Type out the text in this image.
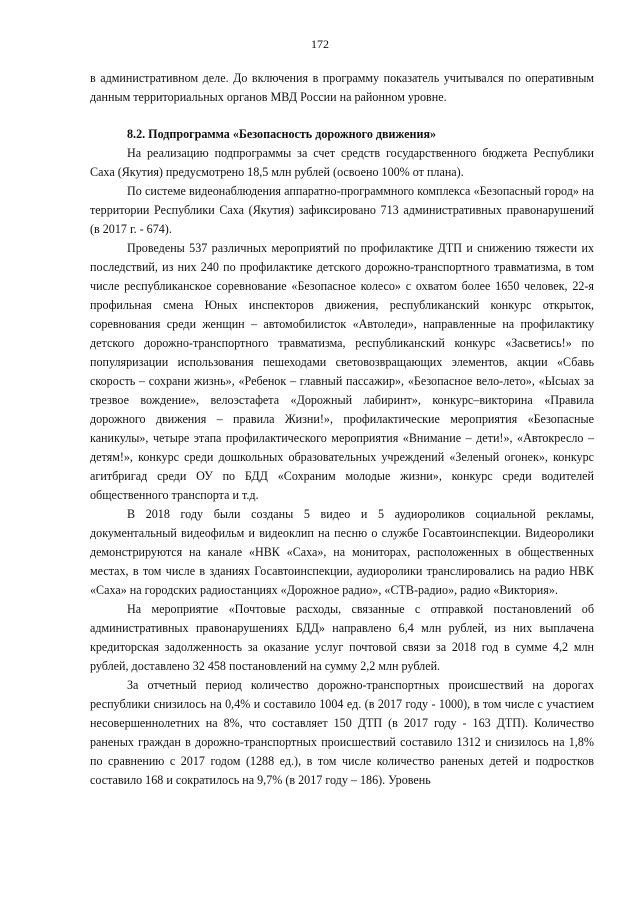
172

в административном деле. До включения в программу показатель учитывался по оперативным данным территориальных органов МВД России на районном уровне.

8.2. Подпрограмма «Безопасность дорожного движения»

На реализацию подпрограммы за счет средств государственного бюджета Республики Саха (Якутия) предусмотрено 18,5 млн рублей (освоено 100% от плана).

По системе видеонаблюдения аппаратно-программного комплекса «Безопасный город» на территории Республики Саха (Якутия) зафиксировано 713 административных правонарушений (в 2017 г. - 674).

Проведены 537 различных мероприятий по профилактике ДТП и снижению тяжести их последствий, из них 240 по профилактике детского дорожно-транспортного травматизма, в том числе республиканское соревнование «Безопасное колесо» с охватом более 1650 человек, 22-я профильная смена Юных инспекторов движения, республиканский конкурс открыток, соревнования среди женщин – автомобилисток «Автоледи», направленные на профилактику детского дорожно-транспортного травматизма, республиканский конкурс «Засветись!» по популяризации использования пешеходами световозвращающих элементов, акции «Сбавь скорость – сохрани жизнь», «Ребенок – главный пассажир», «Безопасное вело-лето», «Ысыах за трезвое вождение», велоэстафета «Дорожный лабиринт», конкурс–викторина «Правила дорожного движения – правила Жизни!», профилактические мероприятия «Безопасные каникулы», четыре этапа профилактического мероприятия «Внимание – дети!», «Автокресло – детям!», конкурс среди дошкольных образовательных учреждений «Зеленый огонек», конкурс агитбригад среди ОУ по БДД «Сохраним молодые жизни», конкурс среди водителей общественного транспорта и т.д.

В 2018 году были созданы 5 видео и 5 аудиороликов социальной рекламы, документальный видеофильм и видеоклип на песню о службе Госавтоинспекции. Видеоролики демонстрируются на канале «НВК «Саха», на мониторах, расположенных в общественных местах, в том числе в зданиях Госавтоинспекции, аудиоролики транслировались на радио НВК «Саха» на городских радиостанциях «Дорожное радио», «СТВ-радио», радио «Виктория».

На мероприятие «Почтовые расходы, связанные с отправкой постановлений об административных правонарушениях БДД» направлено 6,4 млн рублей, из них выплачена кредиторская задолженность за оказание услуг почтовой связи за 2018 год в сумме 4,2 млн рублей, доставлено 32 458 постановлений на сумму 2,2 млн рублей.

За отчетный период количество дорожно-транспортных происшествий на дорогах республики снизилось на 0,4% и составило 1004 ед. (в 2017 году - 1000), в том числе с участием несовершеннолетних на 8%, что составляет 150 ДТП (в 2017 году - 163 ДТП). Количество раненых граждан в дорожно-транспортных происшествий составило 1312 и снизилось на 1,8% по сравнению с 2017 годом (1288 ед.), в том числе количество раненых детей и подростков составило 168 и сократилось на 9,7% (в 2017 году – 186). Уровень
